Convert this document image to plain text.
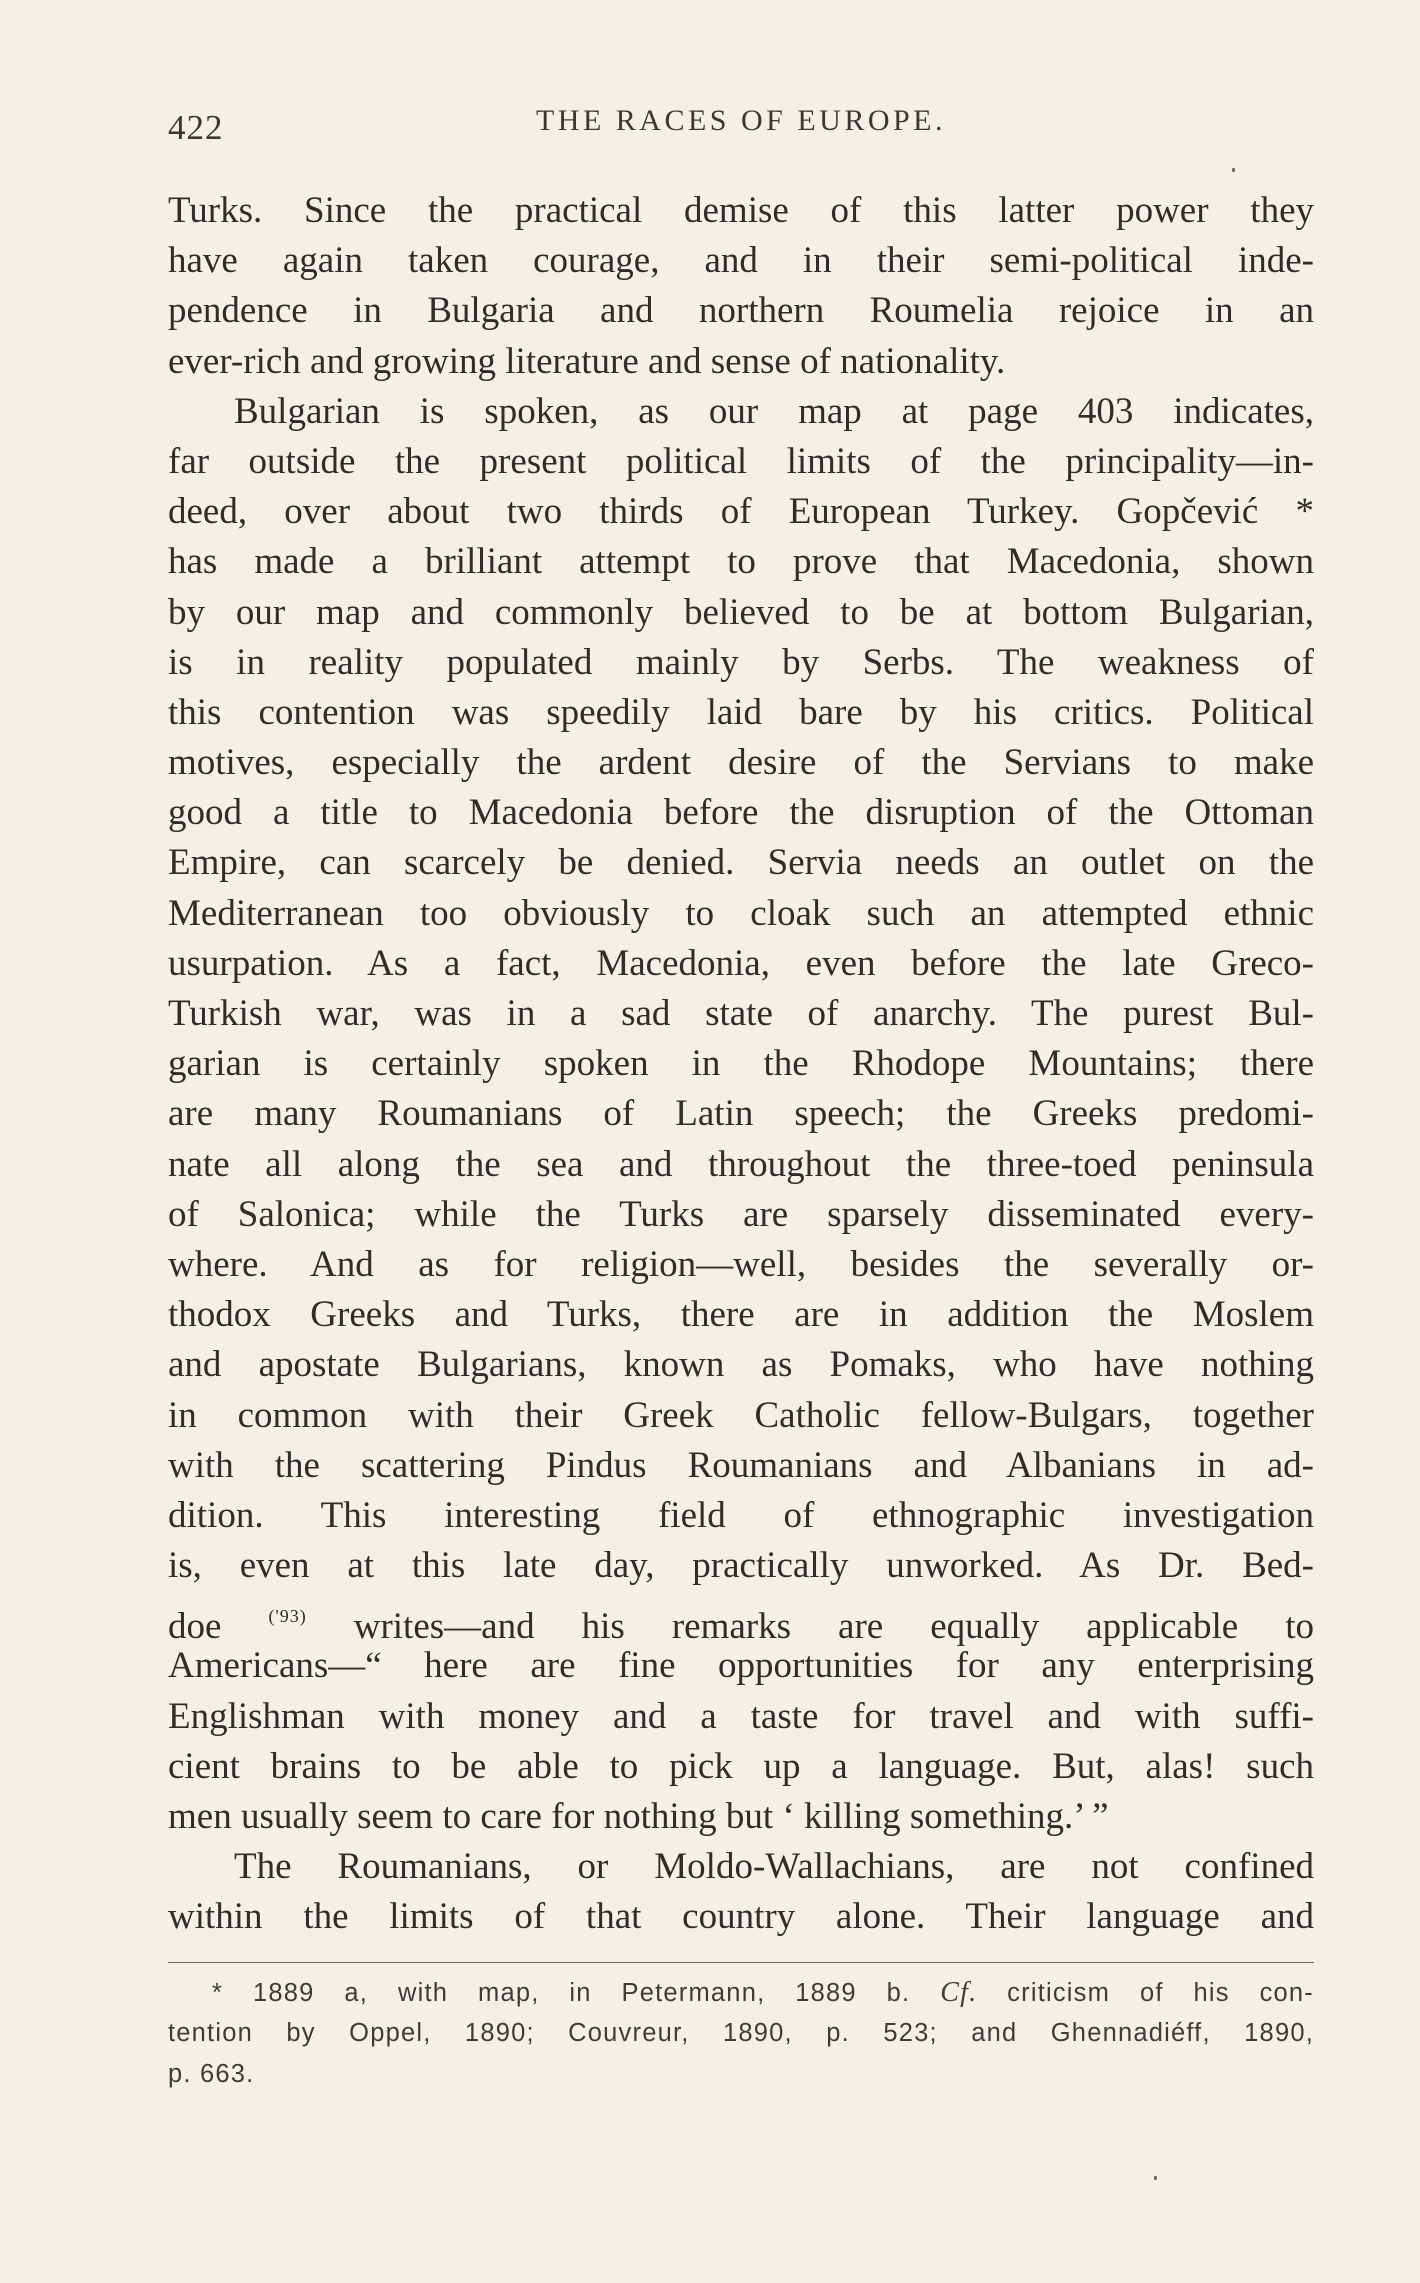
422	THE RACES OF EUROPE.
Turks. Since the practical demise of this latter power they
have again taken courage, and in their semi-political inde-
pendence in Bulgaria and northern Roumelia rejoice in an
ever-rich and growing literature and sense of nationality.
Bulgarian is spoken, as our map at page 403 indicates,
far outside the present political limits of the principality—in-
deed, over about two thirds of European Turkey. Gopčević *
has made a brilliant attempt to prove that Macedonia, shown
by our map and commonly believed to be at bottom Bulgarian,
is in reality populated mainly by Serbs. The weakness of
this contention was speedily laid bare by his critics. Political
motives, especially the ardent desire of the Servians to make
good a title to Macedonia before the disruption of the Ottoman
Empire, can scarcely be denied. Servia needs an outlet on the
Mediterranean too obviously to cloak such an attempted ethnic
usurpation. As a fact, Macedonia, even before the late Greco-
Turkish war, was in a sad state of anarchy. The purest Bul-
garian is certainly spoken in the Rhodope Mountains; there
are many Roumanians of Latin speech; the Greeks predomi-
nate all along the sea and throughout the three-toed peninsula
of Salonica; while the Turks are sparsely disseminated every-
where. And as for religion—well, besides the severally or-
thodox Greeks and Turks, there are in addition the Moslem
and apostate Bulgarians, known as Pomaks, who have nothing
in common with their Greek Catholic fellow-Bulgars, together
with the scattering Pindus Roumanians and Albanians in ad-
dition. This interesting field of ethnographic investigation
is, even at this late day, practically unworked. As Dr. Bed-
doe	$^{('93)}$ writes—and his remarks are equally applicable to
Americans—“ here are fine opportunities for any enterprising
Englishman with money and a taste for travel and with suffi-
cient brains to be able to pick up a language. But, alas! such
men usually seem to care for nothing but ‘ killing something.’ ”
The Roumanians, or Moldo-Wallachians, are not confined
within the limits of that country alone. Their language and
* 1889 a, with map, in Petermann, 1889 b. Cf. criticism of his con-
tention by Oppel, 1890; Couvreur, 1890, p. 523; and Ghennadiéff, 1890,
p. 663.
